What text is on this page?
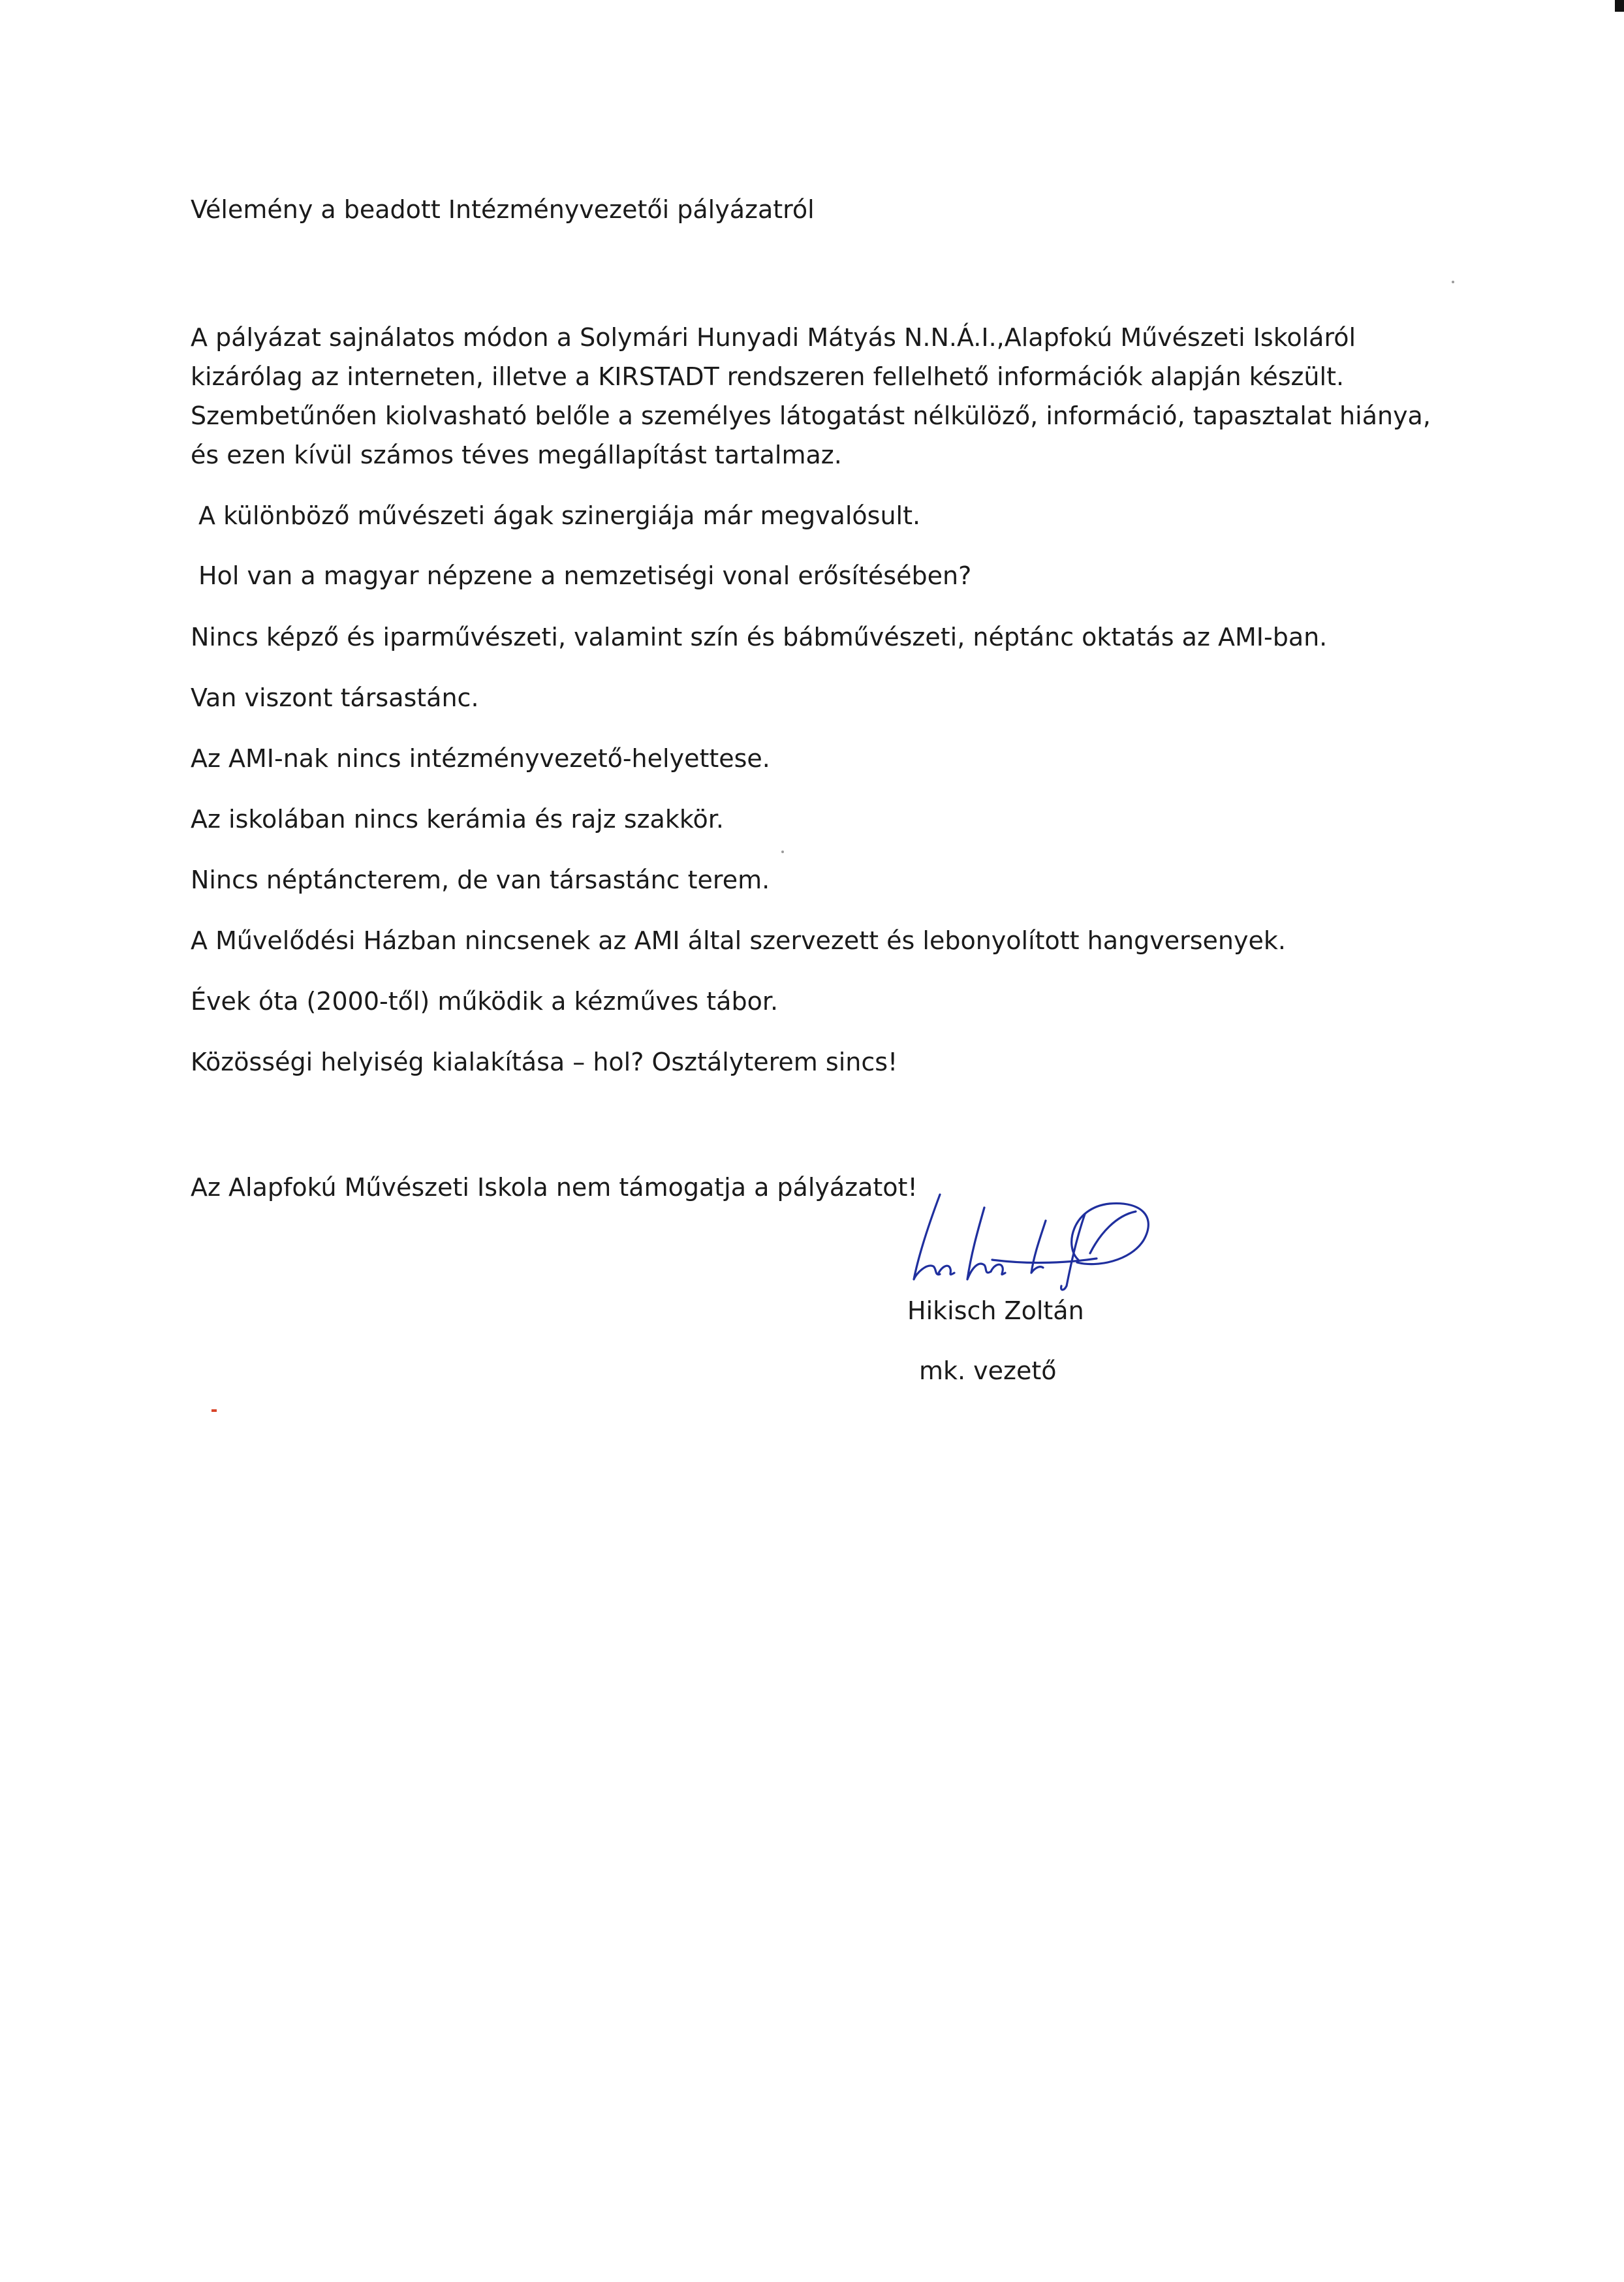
Vélemény a beadott Intézményvezetői pályázatról
A pályázat sajnálatos módon a Solymári Hunyadi Mátyás N.N.Á.I.,Alapfokú Művészeti Iskoláról
kizárólag az interneten, illetve a KIRSTADT rendszeren fellelhető információk alapján készült.
Szembetűnően kiolvasható belőle a személyes látogatást nélkülöző, információ, tapasztalat hiánya,
és ezen kívül számos téves megállapítást tartalmaz.
A különböző művészeti ágak szinergiája már megvalósult.
Hol van a magyar népzene a nemzetiségi vonal erősítésében?
Nincs képző és iparművészeti, valamint szín és bábművészeti, néptánc oktatás az AMI-ban.
Van viszont társastánc.
Az AMI-nak nincs intézményvezető-helyettese.
Az iskolában nincs kerámia és rajz szakkör.
Nincs néptáncterem, de van társastánc terem.
A Művelődési Házban nincsenek az AMI által szervezett és lebonyolított hangversenyek.
Évek óta (2000-től) működik a kézműves tábor.
Közösségi helyiség kialakítása – hol? Osztályterem sincs!
Az Alapfokú Művészeti Iskola nem támogatja a pályázatot!
Hikisch Zoltán
mk. vezető
